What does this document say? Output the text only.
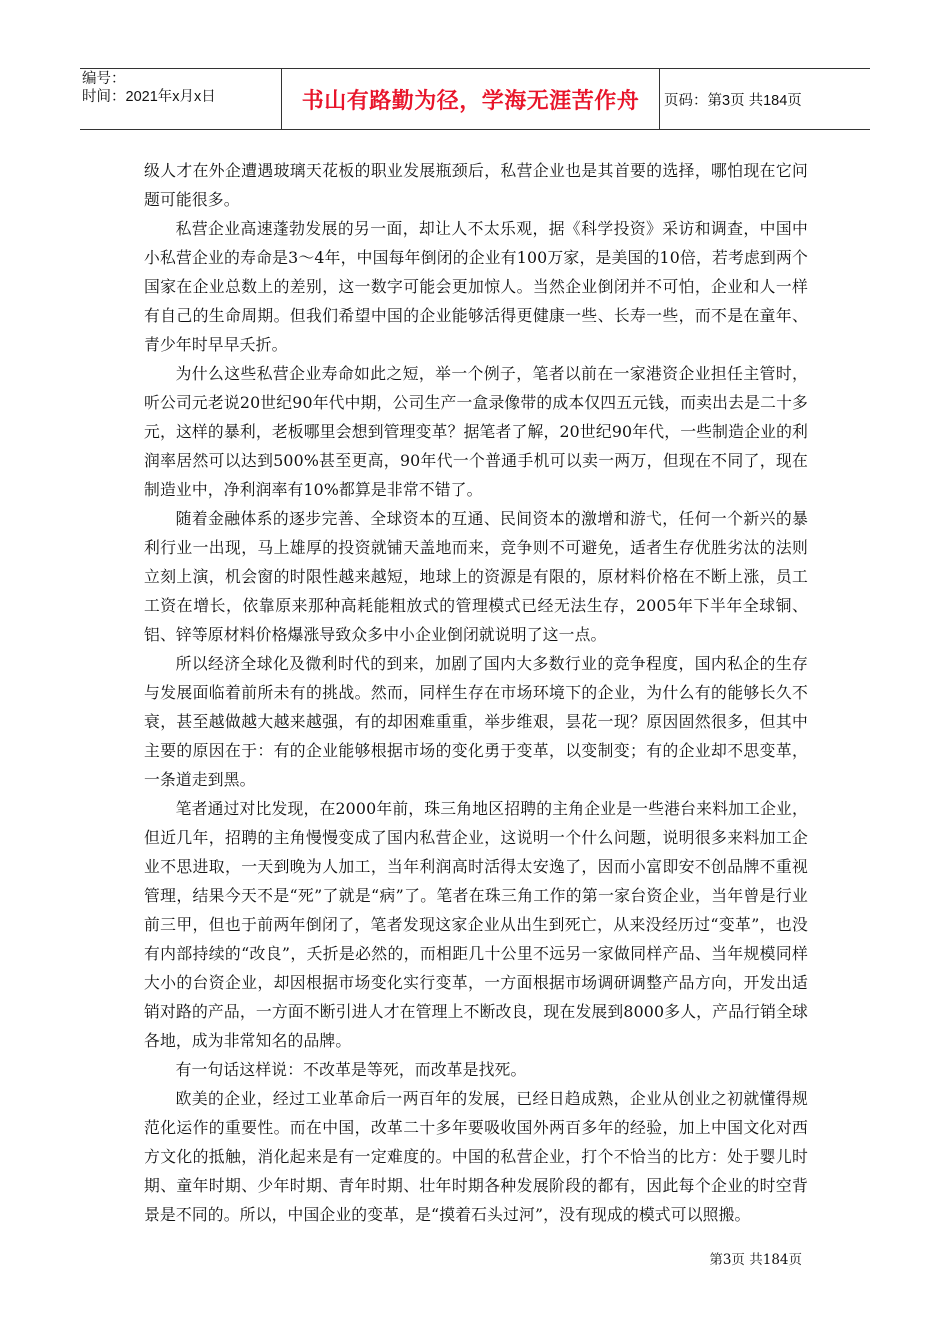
编号：
时间：2021年x月x日	书山有路勤为径，学海无涯苦作舟 页码：第3页 共184页

级人才在外企遭遇玻璃天花板的职业发展瓶颈后，私营企业也是其首要的选择，哪怕现在它问题可能很多。

私营企业高速蓬勃发展的另一面，却让人不太乐观，据《科学投资》采访和调查，中国中小私营企业的寿命是3～4年，中国每年倒闭的企业有100万家，是美国的10倍，若考虑到两个国家在企业总数上的差别，这一数字可能会更加惊人。当然企业倒闭并不可怕，企业和人一样有自己的生命周期。但我们希望中国的企业能够活得更健康一些、长寿一些，而不是在童年、青少年时早早夭折。

为什么这些私营企业寿命如此之短，举一个例子，笔者以前在一家港资企业担任主管时，听公司元老说20世纪90年代中期，公司生产一盒录像带的成本仅四五元钱，而卖出去是二十多元，这样的暴利，老板哪里会想到管理变革？据笔者了解，20世纪90年代，一些制造企业的利润率居然可以达到500%甚至更高，90年代一个普通手机可以卖一两万，但现在不同了，现在制造业中，净利润率有10%都算是非常不错了。

随着金融体系的逐步完善、全球资本的互通、民间资本的激增和游弋，任何一个新兴的暴利行业一出现，马上雄厚的投资就铺天盖地而来，竞争则不可避免，适者生存优胜劣汰的法则立刻上演，机会窗的时限性越来越短，地球上的资源是有限的，原材料价格在不断上涨，员工工资在增长，依靠原来那种高耗能粗放式的管理模式已经无法生存，2005年下半年全球铜、铝、锌等原材料价格爆涨导致众多中小企业倒闭就说明了这一点。

所以经济全球化及微利时代的到来，加剧了国内大多数行业的竞争程度，国内私企的生存与发展面临着前所未有的挑战。然而，同样生存在市场环境下的企业，为什么有的能够长久不衰，甚至越做越大越来越强，有的却困难重重，举步维艰，昙花一现？原因固然很多，但其中主要的原因在于：有的企业能够根据市场的变化勇于变革，以变制变；有的企业却不思变革，一条道走到黑。

笔者通过对比发现，在2000年前，珠三角地区招聘的主角企业是一些港台来料加工企业，但近几年，招聘的主角慢慢变成了国内私营企业，这说明一个什么问题，说明很多来料加工企业不思进取，一天到晚为人加工，当年利润高时活得太安逸了，因而小富即安不创品牌不重视管理，结果今天不是“死”了就是“病”了。笔者在珠三角工作的第一家台资企业，当年曾是行业前三甲，但也于前两年倒闭了，笔者发现这家企业从出生到死亡，从来没经历过“变革”，也没有内部持续的“改良”，夭折是必然的，而相距几十公里不远另一家做同样产品、当年规模同样大小的台资企业，却因根据市场变化实行变革，一方面根据市场调研调整产品方向，开发出适销对路的产品，一方面不断引进人才在管理上不断改良，现在发展到8000多人，产品行销全球各地，成为非常知名的品牌。

有一句话这样说：不改革是等死，而改革是找死。

欧美的企业，经过工业革命后一两百年的发展，已经日趋成熟，企业从创业之初就懂得规范化运作的重要性。而在中国，改革二十多年要吸收国外两百多年的经验，加上中国文化对西方文化的抵触，消化起来是有一定难度的。中国的私营企业，打个不恰当的比方：处于婴儿时期、童年时期、少年时期、青年时期、壮年时期各种发展阶段的都有，因此每个企业的时空背景是不同的。所以，中国企业的变革，是“摸着石头过河”，没有现成的模式可以照搬。

第3页 共184页
